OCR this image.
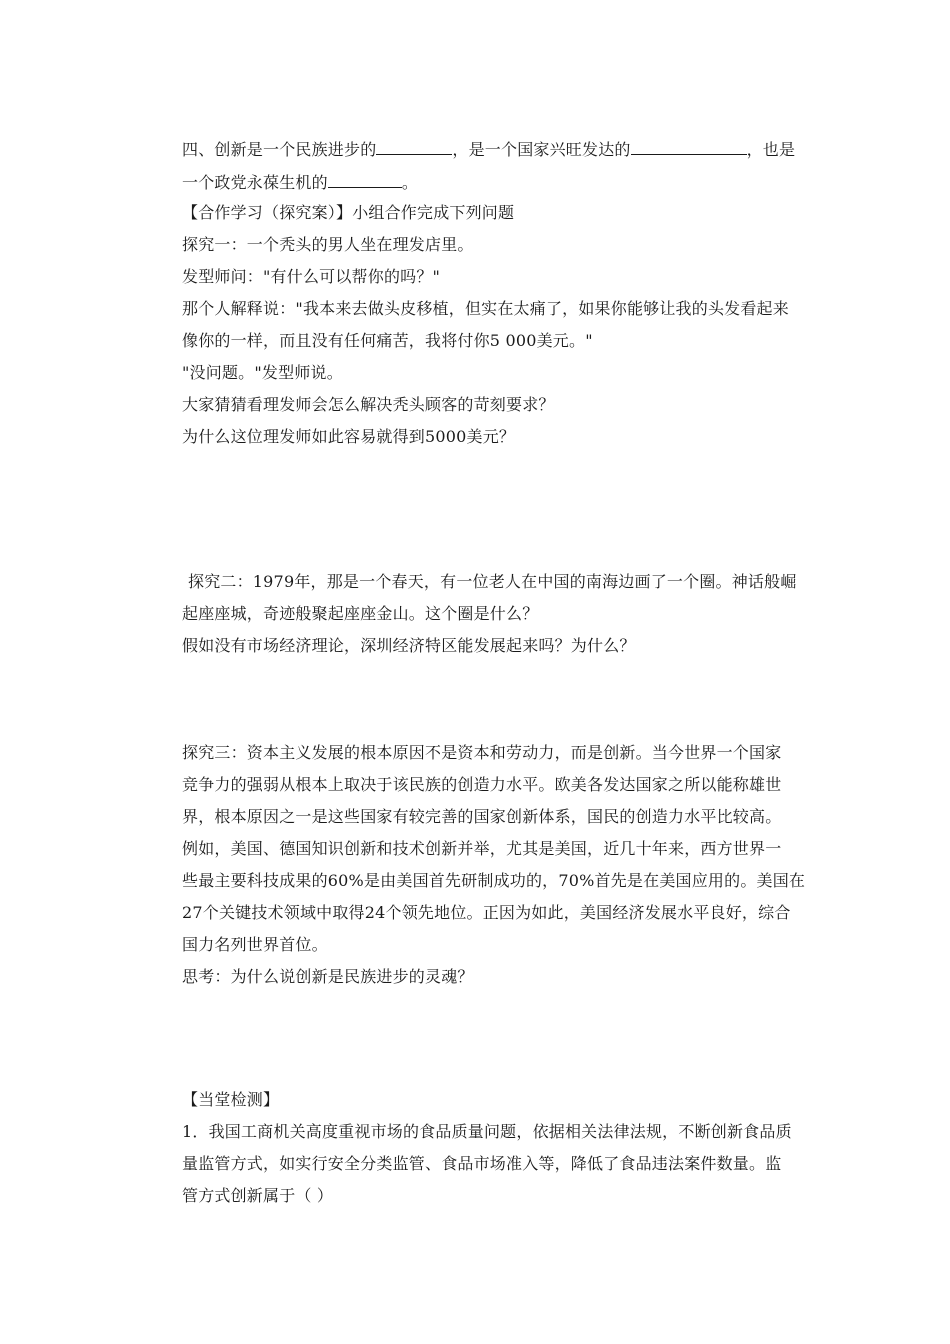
四、创新是一个民族进步的	，是一个国家兴旺发达的	，也是
一个政党永葆生机的	。
【合作学习（探究案）】小组合作完成下列问题
探究一：一个秃头的男人坐在理发店里。
发型师问："有什么可以帮你的吗？"
那个人解释说："我本来去做头皮移植，但实在太痛了，如果你能够让我的头发看起来
像你的一样，而且没有任何痛苦，我将付你5 000美元。"
"没问题。"发型师说。
大家猜猜看理发师会怎么解决秃头顾客的苛刻要求？
为什么这位理发师如此容易就得到5000美元？
探究二：1979年，那是一个春天，有一位老人在中国的南海边画了一个圈。神话般崛
起座座城，奇迹般聚起座座金山。这个圈是什么？
假如没有市场经济理论，深圳经济特区能发展起来吗？为什么？
探究三：资本主义发展的根本原因不是资本和劳动力，而是创新。当今世界一个国家
竞争力的强弱从根本上取决于该民族的创造力水平。欧美各发达国家之所以能称雄世
界，根本原因之一是这些国家有较完善的国家创新体系，国民的创造力水平比较高。
例如，美国、德国知识创新和技术创新并举，尤其是美国，近几十年来，西方世界一
些最主要科技成果的60%是由美国首先研制成功的，70%首先是在美国应用的。美国在
27个关键技术领域中取得24个领先地位。正因为如此，美国经济发展水平良好，综合
国力名列世界首位。
思考：为什么说创新是民族进步的灵魂？
【当堂检测】
1．我国工商机关高度重视市场的食品质量问题，依据相关法律法规，不断创新食品质
量监管方式，如实行安全分类监管、食品市场准入等，降低了食品违法案件数量。监
管方式创新属于（ ）
